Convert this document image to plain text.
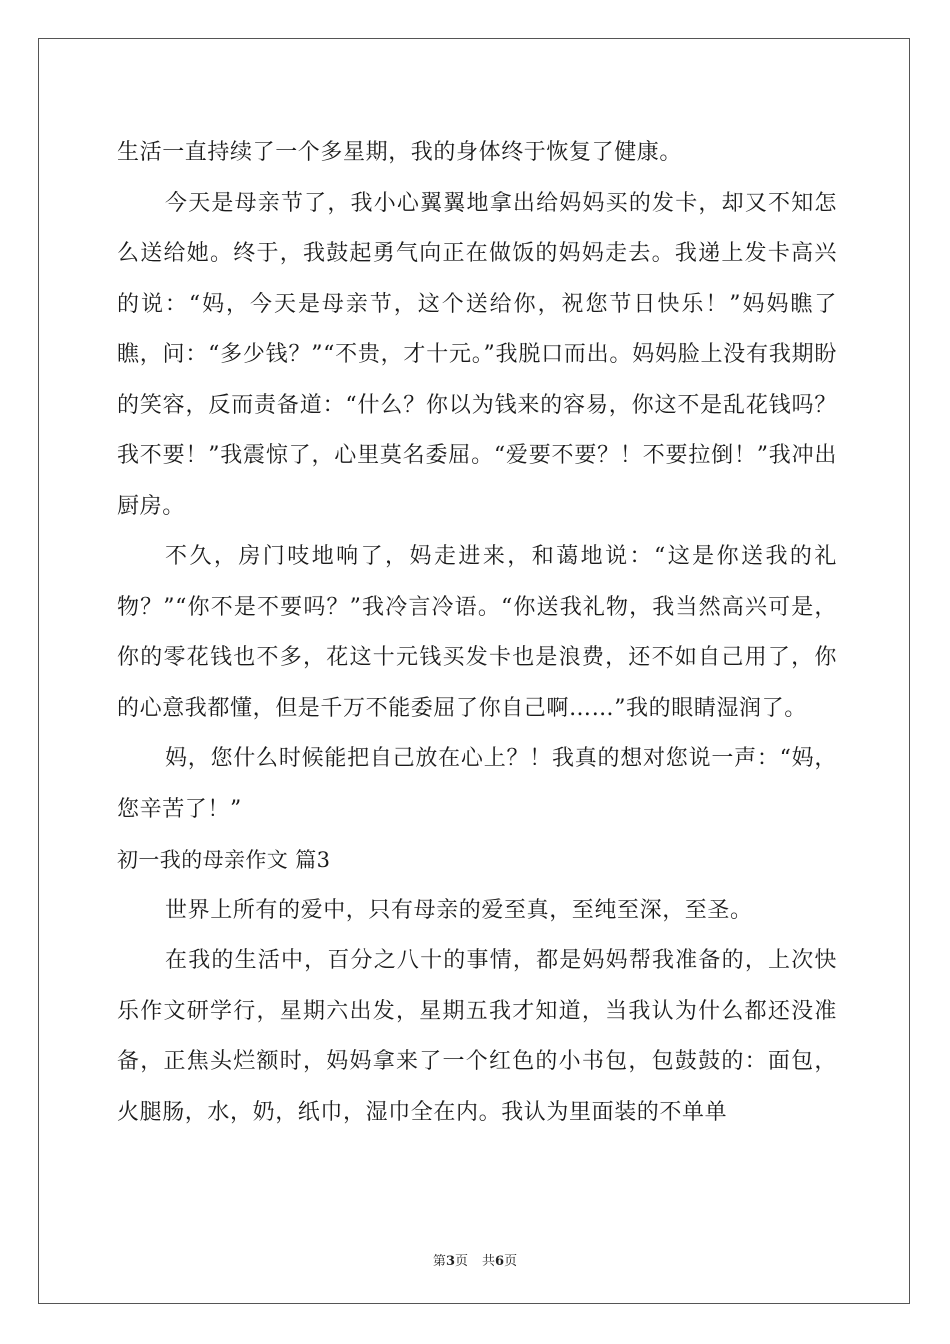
生活一直持续了一个多星期，我的身体终于恢复了健康。

今天是母亲节了，我小心翼翼地拿出给妈妈买的发卡，却又不知怎么送给她。终于，我鼓起勇气向正在做饭的妈妈走去。我递上发卡高兴的说：“妈，今天是母亲节，这个送给你，祝您节日快乐！”妈妈瞧了瞧，问：“多少钱？”“不贵，才十元。”我脱口而出。妈妈脸上没有我期盼的笑容，反而责备道：“什么？你以为钱来的容易，你这不是乱花钱吗？我不要！”我震惊了，心里莫名委屈。“爱要不要？！不要拉倒！”我冲出厨房。

不久，房门吱地响了，妈走进来，和蔼地说：“这是你送我的礼物？”“你不是不要吗？”我冷言冷语。“你送我礼物，我当然高兴可是，你的零花钱也不多，花这十元钱买发卡也是浪费，还不如自己用了，你的心意我都懂，但是千万不能委屈了你自己啊……”我的眼睛湿润了。

妈，您什么时候能把自己放在心上？！我真的想对您说一声：“妈，您辛苦了！”

初一我的母亲作文 篇3

世界上所有的爱中，只有母亲的爱至真，至纯至深，至圣。

在我的生活中，百分之八十的事情，都是妈妈帮我准备的，上次快乐作文研学行，星期六出发，星期五我才知道，当我认为什么都还没准备，正焦头烂额时，妈妈拿来了一个红色的小书包，包鼓鼓的：面包，火腿肠，水，奶，纸巾，湿巾全在内。我认为里面装的不单单

第3页 共6页
